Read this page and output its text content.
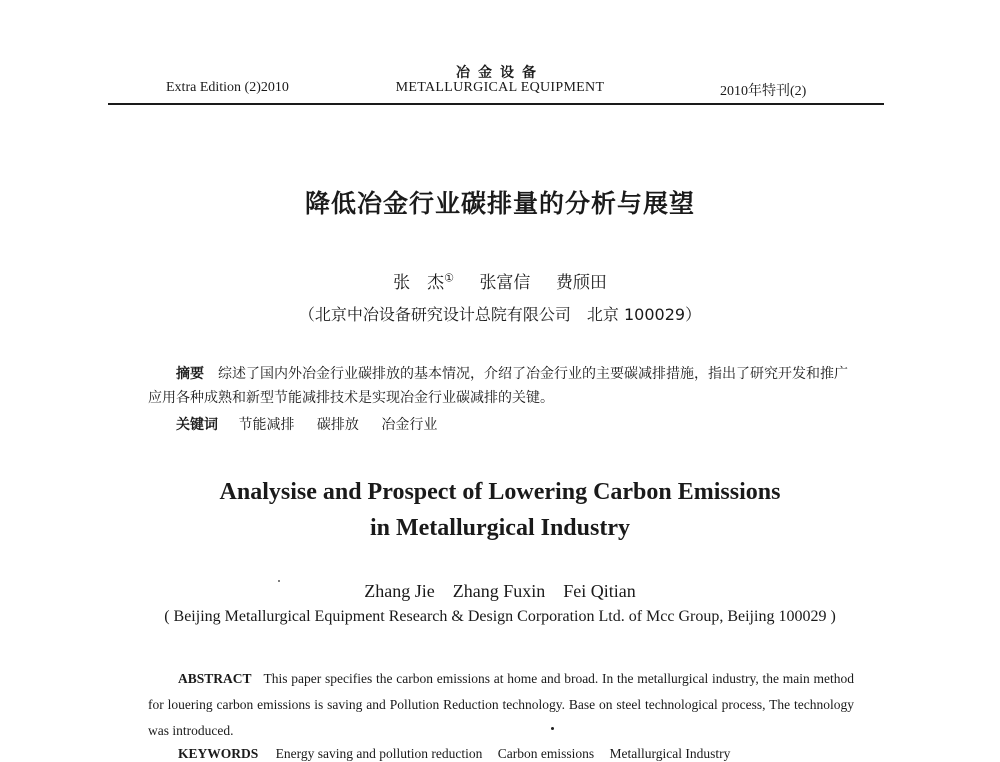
Extra Edition (2)2010
冶金设备
METALLURGICAL EQUIPMENT	2010年特刊(2)
降低冶金行业碳排量的分析与展望
张　杰① 张富信 费颀田
（北京中冶设备研究设计总院有限公司　北京 100029）
摘要 综述了国内外冶金行业碳排放的基本情况，介绍了冶金行业的主要碳减排措施，指出了研究开发和推广应用各种成熟和新型节能减排技术是实现冶金行业碳减排的关键。
关键词 节能减排 碳排放 冶金行业
Analysise and Prospect of Lowering Carbon Emissions
in Metallurgical Industry
Zhang Jie　Zhang Fuxin　Fei Qitian
( Beijing Metallurgical Equipment Research & Design Corporation Ltd. of Mcc Group, Beijing 100029 )
ABSTRACT This paper specifies the carbon emissions at home and broad. In the metallurgical industry, the main method for louering carbon emissions is saving and Pollution Reduction technology. Base on steel technological process, The technology was introduced.
KEYWORDS Energy saving and pollution reduction Carbon emissions Metallurgical Industry
